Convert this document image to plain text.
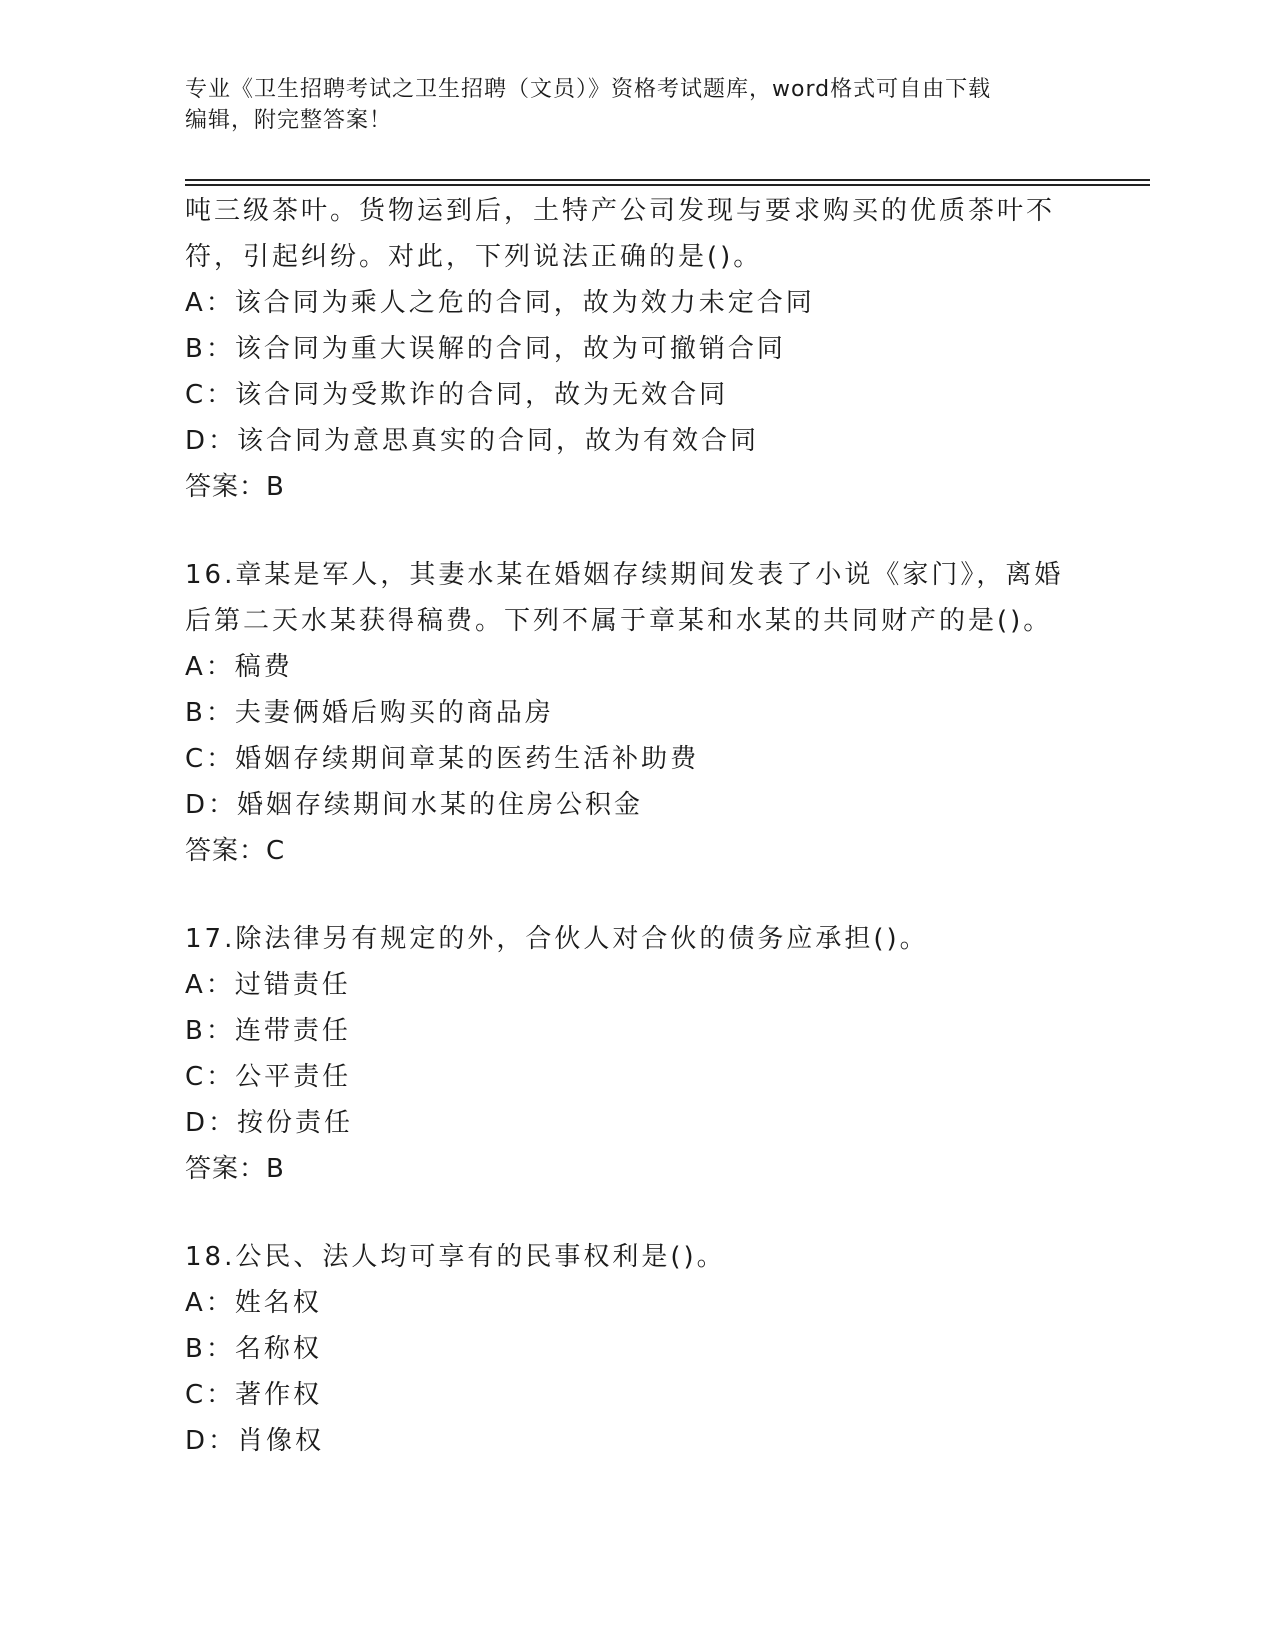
专业《卫生招聘考试之卫生招聘（文员）》资格考试题库，word格式可自由下载
编辑，附完整答案！
吨三级茶叶。货物运到后，土特产公司发现与要求购买的优质茶叶不
符，引起纠纷。对此，下列说法正确的是()。
A：该合同为乘人之危的合同，故为效力未定合同
B：该合同为重大误解的合同，故为可撤销合同
C：该合同为受欺诈的合同，故为无效合同
D：该合同为意思真实的合同，故为有效合同
答案：B
16.章某是军人，其妻水某在婚姻存续期间发表了小说《家门》，离婚
后第二天水某获得稿费。下列不属于章某和水某的共同财产的是()。
A：稿费
B：夫妻俩婚后购买的商品房
C：婚姻存续期间章某的医药生活补助费
D：婚姻存续期间水某的住房公积金
答案：C
17.除法律另有规定的外，合伙人对合伙的债务应承担()。
A：过错责任
B：连带责任
C：公平责任
D：按份责任
答案：B
18.公民、法人均可享有的民事权利是()。
A：姓名权
B：名称权
C：著作权
D：肖像权
